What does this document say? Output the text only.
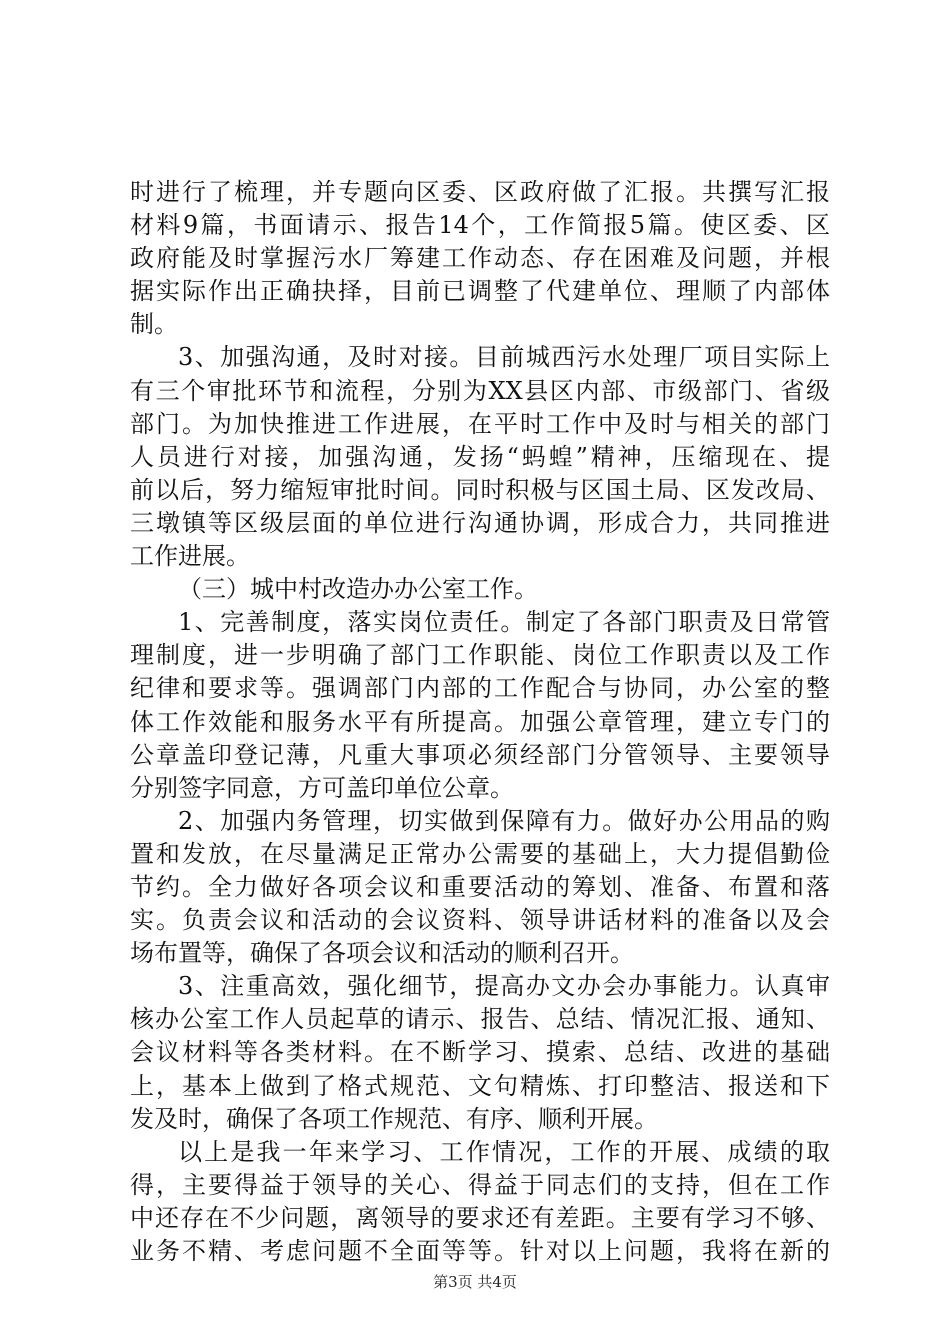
时进行了梳理，并专题向区委、区政府做了汇报。共撰写汇报
材料9篇，书面请示、报告14个，工作简报5篇。使区委、区
政府能及时掌握污水厂筹建工作动态、存在困难及问题，并根
据实际作出正确抉择，目前已调整了代建单位、理顺了内部体
制。
3、加强沟通，及时对接。目前城西污水处理厂项目实际上
有三个审批环节和流程，分别为XX县区内部、市级部门、省级
部门。为加快推进工作进展，在平时工作中及时与相关的部门
人员进行对接，加强沟通，发扬“蚂蝗”精神，压缩现在、提
前以后，努力缩短审批时间。同时积极与区国土局、区发改局、
三墩镇等区级层面的单位进行沟通协调，形成合力，共同推进
工作进展。
（三）城中村改造办办公室工作。
1、完善制度，落实岗位责任。制定了各部门职责及日常管
理制度，进一步明确了部门工作职能、岗位工作职责以及工作
纪律和要求等。强调部门内部的工作配合与协同，办公室的整
体工作效能和服务水平有所提高。加强公章管理，建立专门的
公章盖印登记薄，凡重大事项必须经部门分管领导、主要领导
分别签字同意，方可盖印单位公章。
2、加强内务管理，切实做到保障有力。做好办公用品的购
置和发放，在尽量满足正常办公需要的基础上，大力提倡勤俭
节约。全力做好各项会议和重要活动的筹划、准备、布置和落
实。负责会议和活动的会议资料、领导讲话材料的准备以及会
场布置等，确保了各项会议和活动的顺利召开。
3、注重高效，强化细节，提高办文办会办事能力。认真审
核办公室工作人员起草的请示、报告、总结、情况汇报、通知、
会议材料等各类材料。在不断学习、摸索、总结、改进的基础
上，基本上做到了格式规范、文句精炼、打印整洁、报送和下
发及时，确保了各项工作规范、有序、顺利开展。
以上是我一年来学习、工作情况，工作的开展、成绩的取
得，主要得益于领导的关心、得益于同志们的支持，但在工作
中还存在不少问题，离领导的要求还有差距。主要有学习不够、
业务不精、考虑问题不全面等等。针对以上问题，我将在新的
第3页 共4页
